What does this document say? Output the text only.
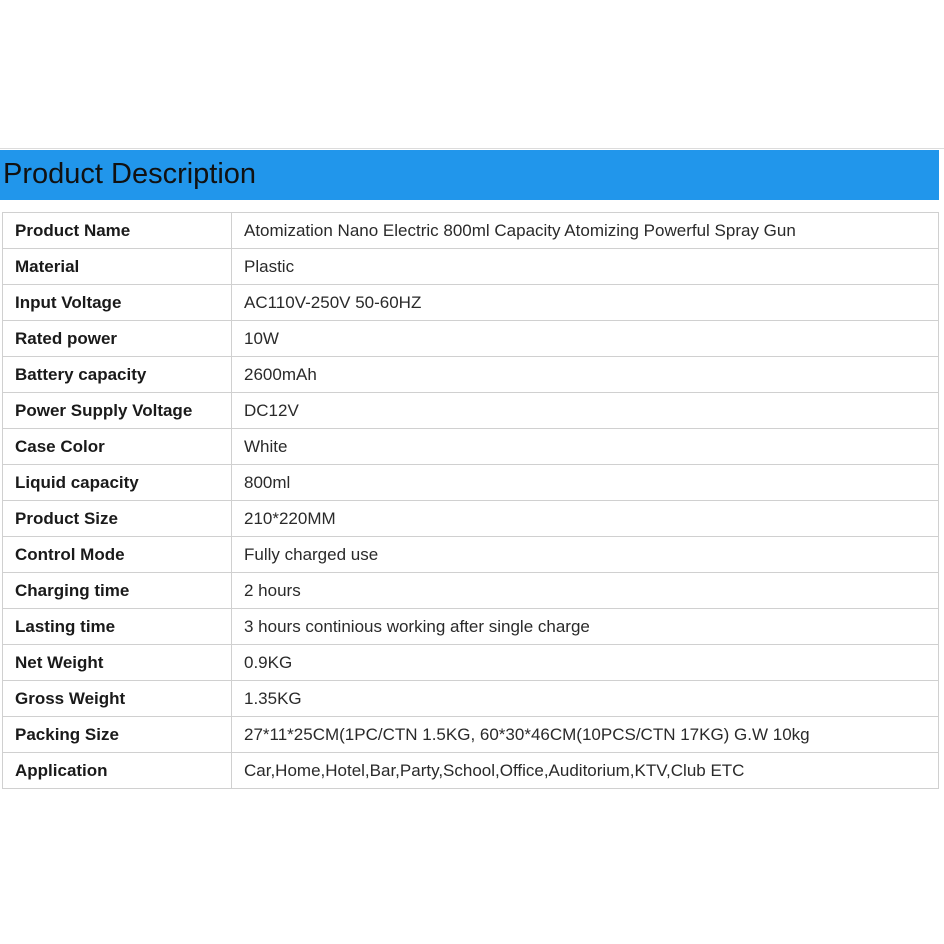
Product Description
Product Name	Atomization Nano Electric 800ml Capacity Atomizing Powerful Spray Gun
Material	Plastic
Input Voltage	AC110V-250V 50-60HZ
Rated power	10W
Battery capacity	2600mAh
Power Supply Voltage	DC12V
Case Color	White
Liquid capacity	800ml
Product Size	210*220MM
Control Mode	Fully charged use
Charging time	2 hours
Lasting time	3 hours continious working after single charge
Net Weight	0.9KG
Gross Weight	1.35KG
Packing Size	27*11*25CM(1PC/CTN 1.5KG, 60*30*46CM(10PCS/CTN 17KG) G.W 10kg
Application	Car,Home,Hotel,Bar,Party,School,Office,Auditorium,KTV,Club ETC
